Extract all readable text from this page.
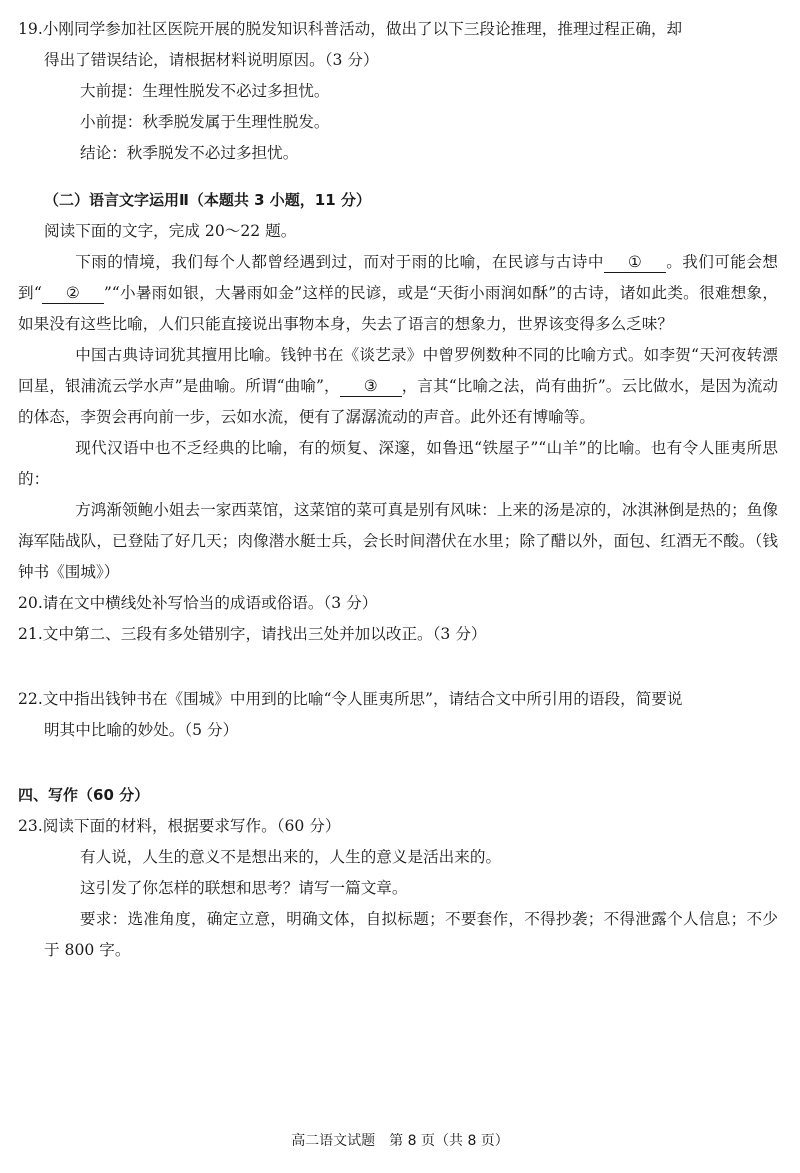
19.小刚同学参加社区医院开展的脱发知识科普活动，做出了以下三段论推理，推理过程正确，却

得出了错误结论，请根据材料说明原因。（3 分）

大前提：生理性脱发不必过多担忧。

小前提：秋季脱发属于生理性脱发。

结论：秋季脱发不必过多担忧。

（二）语言文字运用Ⅱ（本题共 3 小题，11 分）

阅读下面的文字，完成 20～22 题。

下雨的情境，我们每个人都曾经遇到过，而对于雨的比喻，在民谚与古诗中 ① 。我们可能会想到“ ② ”“小暑雨如银，大暑雨如金”这样的民谚，或是“天街小雨润如酥”的古诗，诸如此类。很难想象，如果没有这些比喻，人们只能直接说出事物本身，失去了语言的想象力，世界该变得多么乏味？

中国古典诗词犹其擅用比喻。钱钟书在《谈艺录》中曾罗例数种不同的比喻方式。如李贺“天河夜转漂回星，银浦流云学水声”是曲喻。所谓“曲喻”， ③ ，言其“比喻之法，尚有曲折”。云比做水，是因为流动的体态，李贺会再向前一步，云如水流，便有了潺潺流动的声音。此外还有博喻等。

现代汉语中也不乏经典的比喻，有的烦复、深邃，如鲁迅“铁屋子”“山羊”的比喻。也有令人匪夷所思的：

方鸿渐领鲍小姐去一家西菜馆，这菜馆的菜可真是别有风味：上来的汤是凉的，冰淇淋倒是热的；鱼像海军陆战队，已登陆了好几天；肉像潜水艇士兵，会长时间潜伏在水里；除了醋以外，面包、红酒无不酸。（钱钟书《围城》）

20.请在文中横线处补写恰当的成语或俗语。（3 分）

21.文中第二、三段有多处错别字，请找出三处并加以改正。（3 分）

22.文中指出钱钟书在《围城》中用到的比喻“令人匪夷所思”，请结合文中所引用的语段，简要说

明其中比喻的妙处。（5 分）

四、写作（60 分）

23.阅读下面的材料，根据要求写作。（60 分）

有人说，人生的意义不是想出来的，人生的意义是活出来的。

这引发了你怎样的联想和思考？请写一篇文章。

要求：选准角度，确定立意，明确文体，自拟标题；不要套作，不得抄袭；不得泄露个人信息；不少于 800 字。

高二语文试题　第 8 页（共 8 页）
